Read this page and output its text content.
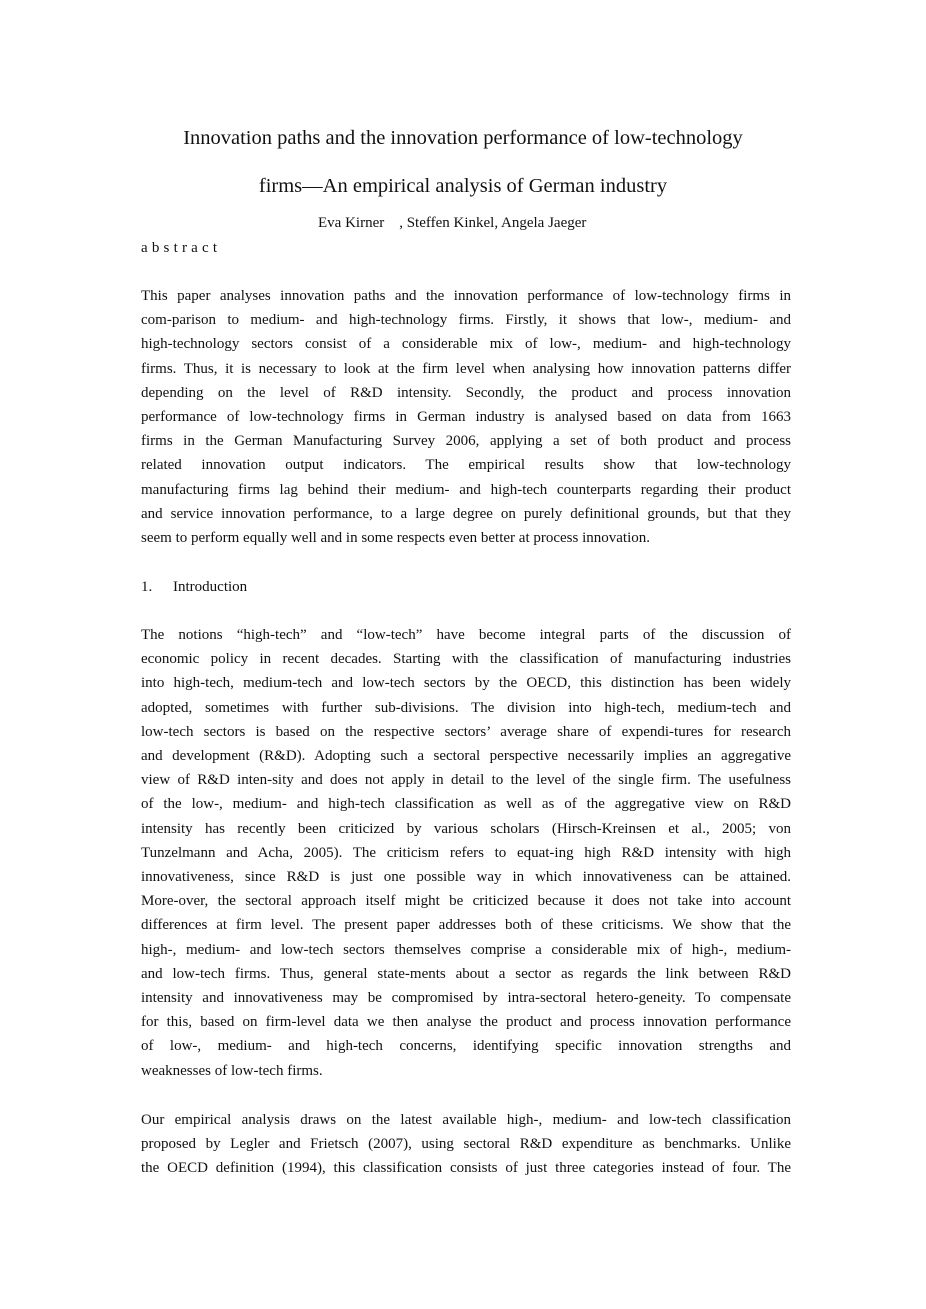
Innovation paths and the innovation performance of low-technology
firms—An empirical analysis of German industry
Eva Kirner    , Steffen Kinkel, Angela Jaeger
abstract
This paper analyses innovation paths and the innovation performance of low-technology firms in
com-parison to medium- and high-technology firms. Firstly, it shows that low-, medium- and
high-technology sectors consist of a considerable mix of low-, medium- and high-technology
firms. Thus, it is necessary to look at the firm level when analysing how innovation patterns differ
depending on the level of R&D intensity. Secondly, the product and process innovation
performance of low-technology firms in German industry is analysed based on data from 1663
firms in the German Manufacturing Survey 2006, applying a set of both product and process
related innovation output indicators. The empirical results show that low-technology
manufacturing firms lag behind their medium- and high-tech counterparts regarding their product
and service innovation performance, to a large degree on purely definitional grounds, but that they
seem to perform equally well and in some respects even better at process innovation.
1. Introduction
The notions “high-tech” and “low-tech” have become integral parts of the discussion of
economic policy in recent decades. Starting with the classification of manufacturing industries
into high-tech, medium-tech and low-tech sectors by the OECD, this distinction has been widely
adopted, sometimes with further sub-divisions. The division into high-tech, medium-tech and
low-tech sectors is based on the respective sectors’ average share of expendi-tures for research
and development (R&D). Adopting such a sectoral perspective necessarily implies an aggregative
view of R&D inten-sity and does not apply in detail to the level of the single firm. The usefulness
of the low-, medium- and high-tech classification as well as of the aggregative view on R&D
intensity has recently been criticized by various scholars (Hirsch-Kreinsen et al., 2005; von
Tunzelmann and Acha, 2005). The criticism refers to equat-ing high R&D intensity with high
innovativeness, since R&D is just one possible way in which innovativeness can be attained.
More-over, the sectoral approach itself might be criticized because it does not take into account
differences at firm level. The present paper addresses both of these criticisms. We show that the
high-, medium- and low-tech sectors themselves comprise a considerable mix of high-, medium-
and low-tech firms. Thus, general state-ments about a sector as regards the link between R&D
intensity and innovativeness may be compromised by intra-sectoral hetero-geneity. To compensate
for this, based on firm-level data we then analyse the product and process innovation performance
of low-, medium- and high-tech concerns, identifying specific innovation strengths and
weaknesses of low-tech firms.
Our empirical analysis draws on the latest available high-, medium- and low-tech classification
proposed by Legler and Frietsch (2007), using sectoral R&D expenditure as benchmarks. Unlike
the OECD definition (1994), this classification consists of just three categories instead of four. The
